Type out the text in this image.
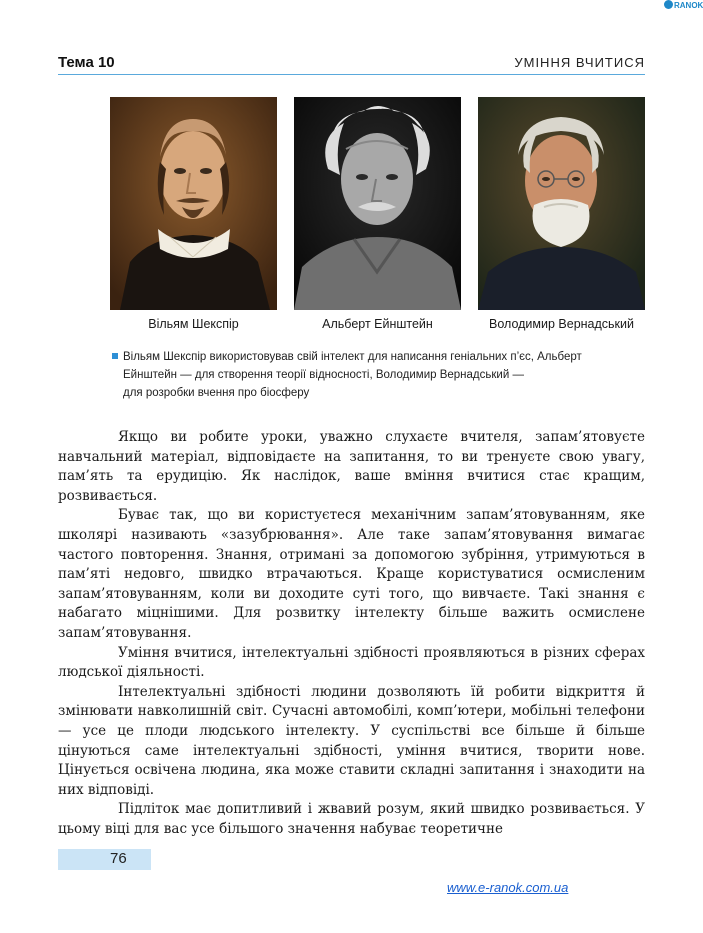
RANOK
Тема 10	УМІННЯ ВЧИТИСЯ
Вільям Шекспір	Альберт Ейнштейн	Володимир Вернадський

Вільям Шекспір використовував свій інтелект для написання геніальних п’єс, Альберт

Ейнштейн — для створення теорії відносності, Володимир Вернадський —

для розробки вчення про біосферу

Якщо ви робите уроки, уважно слухаєте вчителя, запам’ятовуєте навчальний матеріал, відповідаєте на запитання, то ви тренуєте свою увагу, пам’ять та ерудицію. Як наслідок, ваше вміння вчитися стає кращим, розвивається.

Буває так, що ви користуєтеся механічним запам’ятовуванням, яке школярі називають «зазубрювання». Але таке запам’ятовування вимагає частого повторення. Знання, отримані за допомогою зубріння, утримуються в пам’яті недовго, швидко втрачаються. Краще користуватися осмисленим запам’ятовуванням, коли ви доходите суті того, що вивчаєте. Такі знання є набагато міцнішими. Для розвитку інтелекту більше важить осмислене запам’ятовування.

Уміння вчитися, інтелектуальні здібності проявляються в різних сферах людської діяльності.

Інтелектуальні здібності людини дозволяють їй робити відкриття й змінювати навколишній світ. Сучасні автомобілі, комп’ютери, мобільні телефони — усе це плоди людського інтелекту. У суспільстві все більше й більше цінуються саме інтелектуальні здібності, уміння вчитися, творити нове. Цінується освічена людина, яка може ставити складні запитання і знаходити на них відповіді.

Підліток має допитливий і жвавий розум, який швидко розвивається. У цьому віці для вас усе більшого значення набуває теоретичне

76
www.e-ranok.com.ua
